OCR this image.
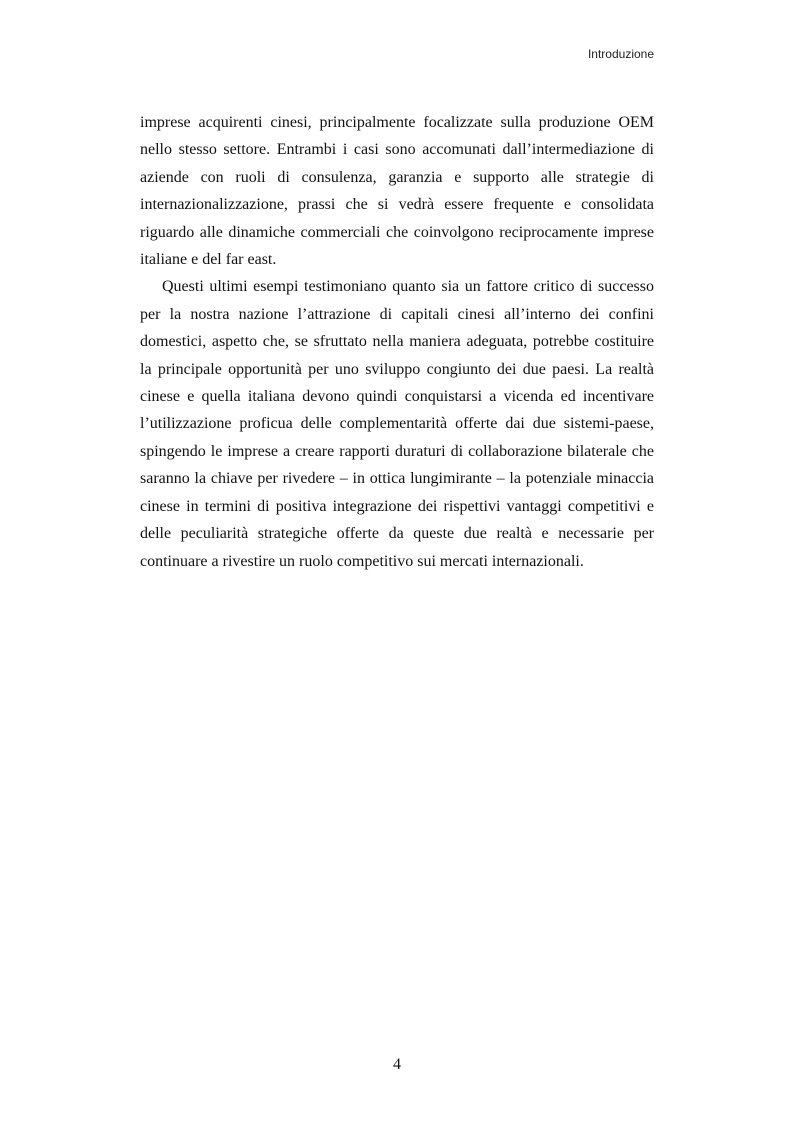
Introduzione

imprese acquirenti cinesi, principalmente focalizzate sulla produzione OEM nello stesso settore. Entrambi i casi sono accomunati dall’intermediazione di aziende con ruoli di consulenza, garanzia e supporto alle strategie di internazionalizzazione, prassi che si vedrà essere frequente e consolidata riguardo alle dinamiche commerciali che coinvolgono reciprocamente imprese italiane e del far east.

Questi ultimi esempi testimoniano quanto sia un fattore critico di successo per la nostra nazione l’attrazione di capitali cinesi all’interno dei confini domestici, aspetto che, se sfruttato nella maniera adeguata, potrebbe costituire la principale opportunità per uno sviluppo congiunto dei due paesi. La realtà cinese e quella italiana devono quindi conquistarsi a vicenda ed incentivare l’utilizzazione proficua delle complementarità offerte dai due sistemi-paese, spingendo le imprese a creare rapporti duraturi di collaborazione bilaterale che saranno la chiave per rivedere – in ottica lungimirante – la potenziale minaccia cinese in termini di positiva integrazione dei rispettivi vantaggi competitivi e delle peculiarità strategiche offerte da queste due realtà e necessarie per continuare a rivestire un ruolo competitivo sui mercati internazionali.

4
